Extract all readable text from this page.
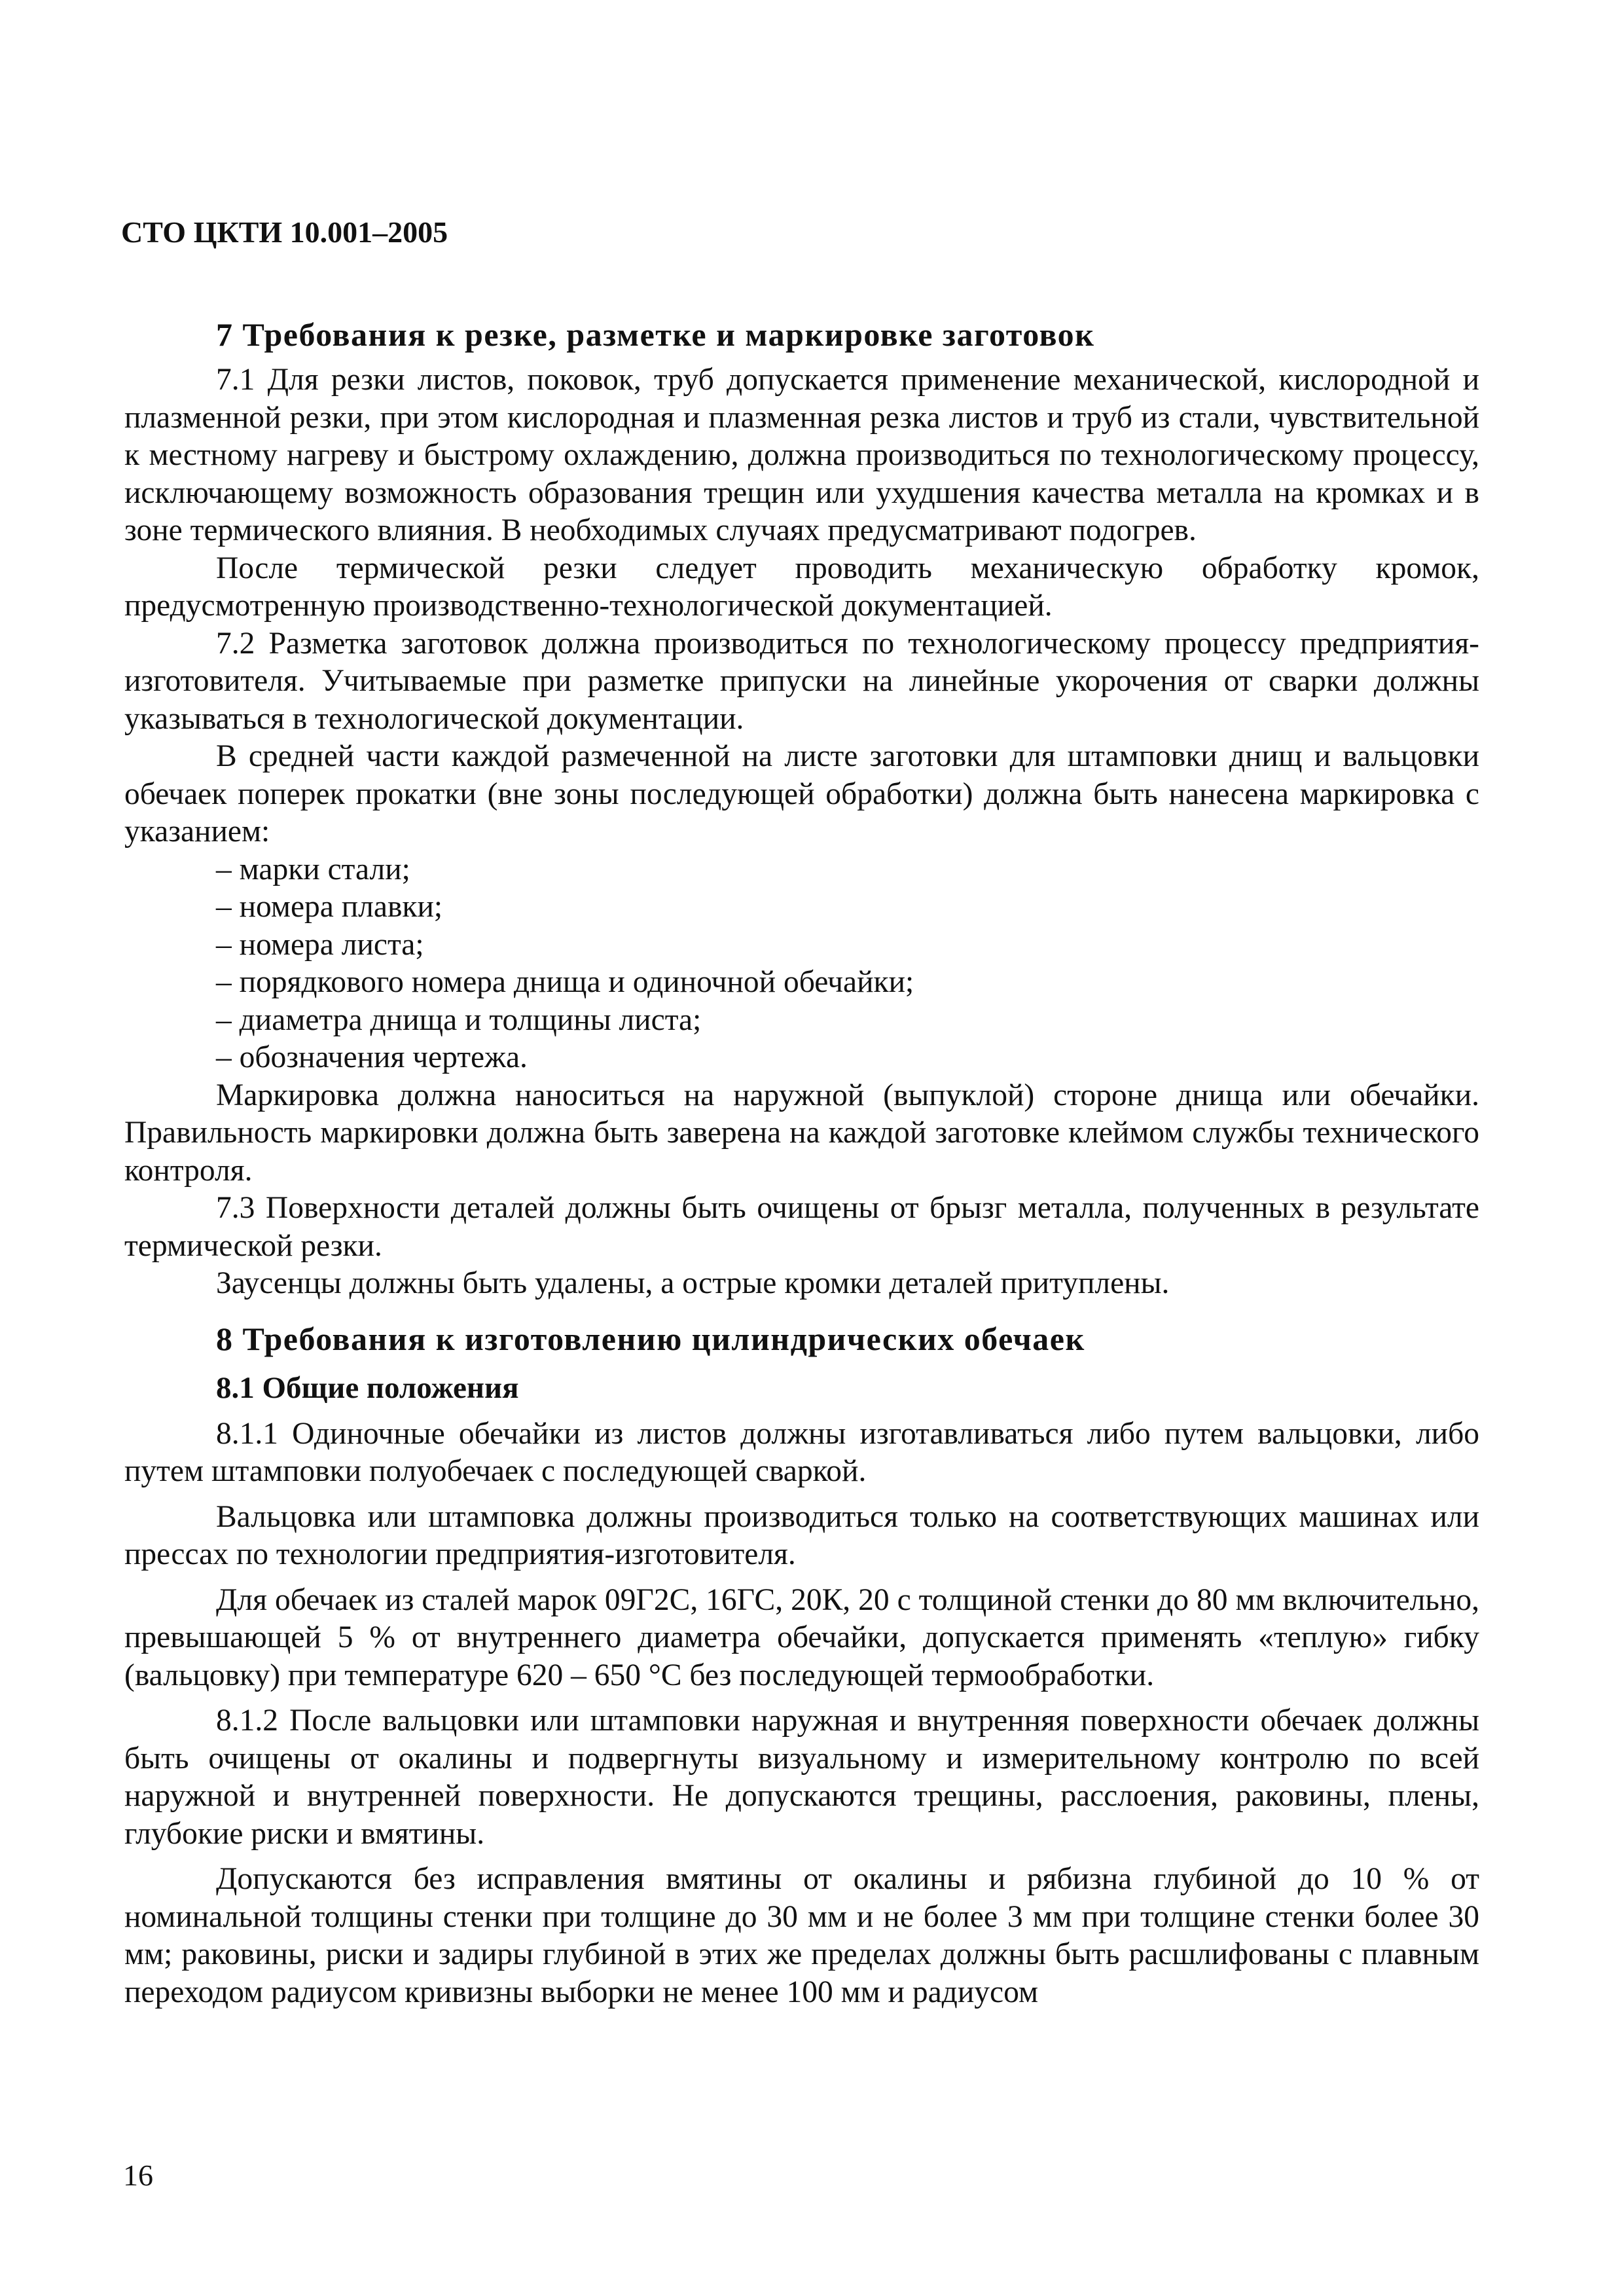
СТО ЦКТИ 10.001–2005
7 Требования к резке, разметке и маркировке заготовок

7.1 Для резки листов, поковок, труб допускается применение механической, кислородной и плазменной резки, при этом кислородная и плазменная резка листов и труб из стали, чувствительной к местному нагреву и быстрому охлаждению, должна производиться по технологическому процессу, исключающему возможность образования трещин или ухудшения качества металла на кромках и в зоне термического влияния. В необходимых случаях предусматривают подогрев.

После термической резки следует проводить механическую обработку кромок, предусмотренную производственно-технологической документацией.

7.2 Разметка заготовок должна производиться по технологическому процессу предприятия-изготовителя. Учитываемые при разметке припуски на линейные укорочения от сварки должны указываться в технологической документации.

В средней части каждой размеченной на листе заготовки для штамповки днищ и вальцовки обечаек поперек прокатки (вне зоны последующей обработки) должна быть нанесена маркировка с указанием:

– марки стали;

– номера плавки;

– номера листа;

– порядкового номера днища и одиночной обечайки;

– диаметра днища и толщины листа;

– обозначения чертежа.

Маркировка должна наноситься на наружной (выпуклой) стороне днища или обечайки. Правильность маркировки должна быть заверена на каждой заготовке клеймом службы технического контроля.

7.3 Поверхности деталей должны быть очищены от брызг металла, полученных в результате термической резки.

Заусенцы должны быть удалены, а острые кромки деталей притуплены.

8 Требования к изготовлению цилиндрических обечаек
8.1 Общие положения

8.1.1 Одиночные обечайки из листов должны изготавливаться либо путем вальцовки, либо путем штамповки полуобечаек с последующей сваркой.

Вальцовка или штамповка должны производиться только на соответствующих машинах или прессах по технологии предприятия-изготовителя.

Для обечаек из сталей марок 09Г2С, 16ГС, 20К, 20 с толщиной стенки до 80 мм включительно, превышающей 5 % от внутреннего диаметра обечайки, допускается применять «теплую» гибку (вальцовку) при температуре 620 – 650 °С без последующей термообработки.

8.1.2 После вальцовки или штамповки наружная и внутренняя поверхности обечаек должны быть очищены от окалины и подвергнуты визуальному и измерительному контролю по всей наружной и внутренней поверхности. Не допускаются трещины, расслоения, раковины, плены, глубокие риски и вмятины.

Допускаются без исправления вмятины от окалины и рябизна глубиной до 10 % от номинальной толщины стенки при толщине до 30 мм и не более 3 мм при толщине стенки более 30 мм; раковины, риски и задиры глубиной в этих же пределах должны быть расшлифованы с плавным переходом радиусом кривизны выборки не менее 100 мм и радиусом

16
